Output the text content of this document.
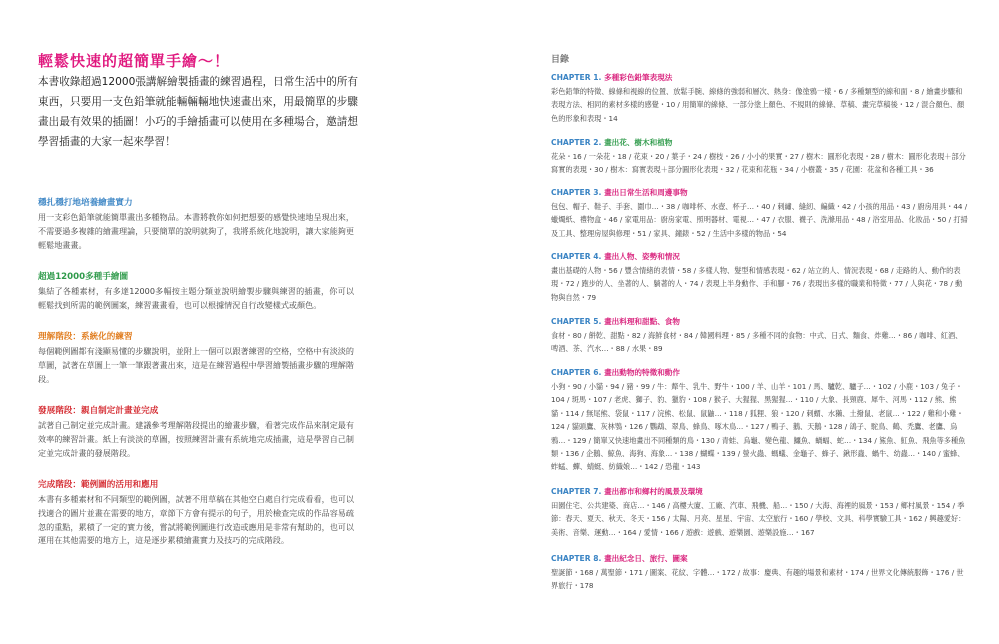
輕鬆快速的超簡單手繪～！
本書收錄超過12000張講解繪製插畫的練習過程，日常生活中的所有東西，只要用一支色鉛筆就能輛輛輛地快速畫出來，用最簡單的步驟畫出最有效果的插圖！小巧的手繪插畫可以使用在多種場合，邀請想學習插畫的大家一起來學習！
穩扎穩打地培養繪畫實力
用一支彩色鉛筆就能簡單畫出多種物品。本書將教你如何把想要的感覺快速地呈現出來，不需要過多複雜的繪畫理論，只要簡單的說明就夠了，我將系統化地說明，讓大家能夠更輕鬆地畫畫。
超過12000多種手繪圖
集結了各種素材，有多達12000多幅按主題分類並說明繪製步驟與練習的插畫，你可以輕鬆找到所需的範例圖案，練習畫畫看，也可以根據情況自行改變樣式或顏色。
理解階段：系統化的練習
每個範例圖都有淺顯易懂的步驟說明，並附上一個可以跟著練習的空格，空格中有淡淡的草圖，試著在草圖上一筆一筆跟著畫出來，這是在練習過程中學習繪製插畫步驟的理解階段。
發展階段：親自制定計畫並完成
試著自己制定並完成計畫。建議參考理解階段提出的繪畫步驟，看著完成作品來制定最有效率的練習計畫。紙上有淡淡的草圖，按照練習計畫有系統地完成插畫，這是學習自己制定並完成計畫的發展階段。
完成階段：範例圖的活用和應用
本書有多種素材和不同類型的範例圖，試著不用草稿在其他空白處自行完成看看，也可以找適合的圖片並畫在需要的地方，章節下方會有提示的句子，用於檢查完成的作品容易疏忽的重點，累積了一定的實力後，嘗試將範例圖進行改造或應用是非常有幫助的，也可以運用在其他需要的地方上，這是逐步累積繪畫實力及技巧的完成階段。
目錄
CHAPTER 1. 多種彩色鉛筆表現法
彩色鉛筆的特徵、線條和視線的位置、放鬆手腕、線條的強弱和層次、熱身：像塗鴉一樣・6 / 多種類型的線和面・8 / 繪畫步驟和表現方法、相同的素材多樣的感覺・10 / 用簡單的線條、一部分塗上顏色、不規則的線條、草稿、畫完草稿後・12 / 混合顏色、顏色的形象和表現・14
CHAPTER 2. 畫出花、樹木和植物
花朵・16 / 一朵花・18 / 花束・20 / 葉子・24 / 樹枝・26 / 小小的果實・27 / 樹木：圓形化表現・28 / 樹木：圓形化表現＋部分寫實的表現・30 / 樹木：寫實表現＋部分圓形化表現・32 / 花束和花瓶・34 / 小樹叢・35 / 花園：花盆和各種工具・36
CHAPTER 3. 畫出日常生活和周邊事物
包包、帽子、鞋子、手套、圍巾…・38 / 咖啡杯、水壺、杯子…・40 / 刺繡、縫紉、編織・42 / 小孩的用品・43 / 廚房用具・44 / 蠟燭紙、禮物盒・46 / 家電用品：廚房家電、照明器材、電視…・47 / 衣服、襪子、洗滌用品・48 / 浴室用品、化妝品・50 / 打掃及工具、整理房屋與修理・51 / 家具、鐘錶・52 / 生活中多樣的物品・54
CHAPTER 4. 畫出人物、姿勢和情況
畫出基礎的人物・56 / 豐含情緒的表情・58 / 多樣人物、髮型和情感表現・62 / 站立的人、情況表現・68 / 走路的人、動作的表現・72 / 跑步的人、坐著的人、躺著的人・74 / 表現上半身動作、手和腳・76 / 表現出多樣的職業和特徵・77 / 人與花・78 / 動物與自然・79
CHAPTER 5. 畫出料理和甜點、食物
食材・80 / 餅乾、甜點・82 / 海鮮食材・84 / 韓國料理・85 / 多種不同的食物：中式、日式、麵食、炸雞…・86 / 咖啡、紅酒、啤酒、茶、汽水…・88 / 水果・89
CHAPTER 6. 畫出動物的特徵和動作
小狗・90 / 小貓・94 / 豬・99 / 牛：犛牛、乳牛、野牛・100 / 羊、山羊・101 / 馬、驢乾、驢子…・102 / 小鹿・103 / 兔子・104 / 斑馬・107 / 老虎、獅子、豹、獵豹・108 / 猴子、大猩猩、黑猩猩…・110 / 大象、長頸鹿、犀牛、河馬・112 / 熊、熊貓・114 / 無尾熊、袋鼠・117 / 浣熊、松鼠、鼠鼬…・118 / 狐狸、狼・120 / 刺蝟、水獺、土撥鼠、老鼠…・122 / 雞和小雞・124 / 貓頭鷹、灰林鴞・126 / 鸚鵡、翠鳥、蜂鳥、啄木鳥…・127 / 鴨子、鵝、天鵝・128 / 鴿子、駝鳥、鶴、禿鷹、老鷹、烏鴉…・129 / 簡單又快速地畫出不同種類的鳥・130 / 青蛙、烏龜、變色龍、鱷魚、蝸蝠、蛇…・134 / 鯊魚、魟魚、飛魚等多種魚類・136 / 企鵝、鯨魚、海狗、海象…・138 / 蝴蝶・139 / 螢火蟲、螞蟻、金龜子、蜂子、鍬形蟲、蝸牛、幼蟲…・140 / 蜜蜂、蚱蜢、蟬、蜻蜓、紡織娘…・142 / 恐龍・143
CHAPTER 7. 畫出都市和鄉村的風景及環境
田園住宅、公共建築、商店…・146 / 高樓大廈、工廠、汽車、飛機、船…・150 / 大海、海裡的風景・153 / 鄉村風景・154 / 季節：春天、夏天、秋天、冬天・156 / 太陽、月亮、星星、宇宙、太空旅行・160 / 學校、文具、科學實驗工具・162 / 興趣愛好：美術、音樂、運動…・164 / 愛情・166 / 遊戲：遊戲、遊樂園、遊樂設施…・167
CHAPTER 8. 畫出紀念日、旅行、圖案
聖誕節・168 / 萬聖節・171 / 圖案、花紋、字體…・172 / 故事：慶典、有趣的場景和素材・174 / 世界文化傳統服飾・176 / 世界旅行・178
